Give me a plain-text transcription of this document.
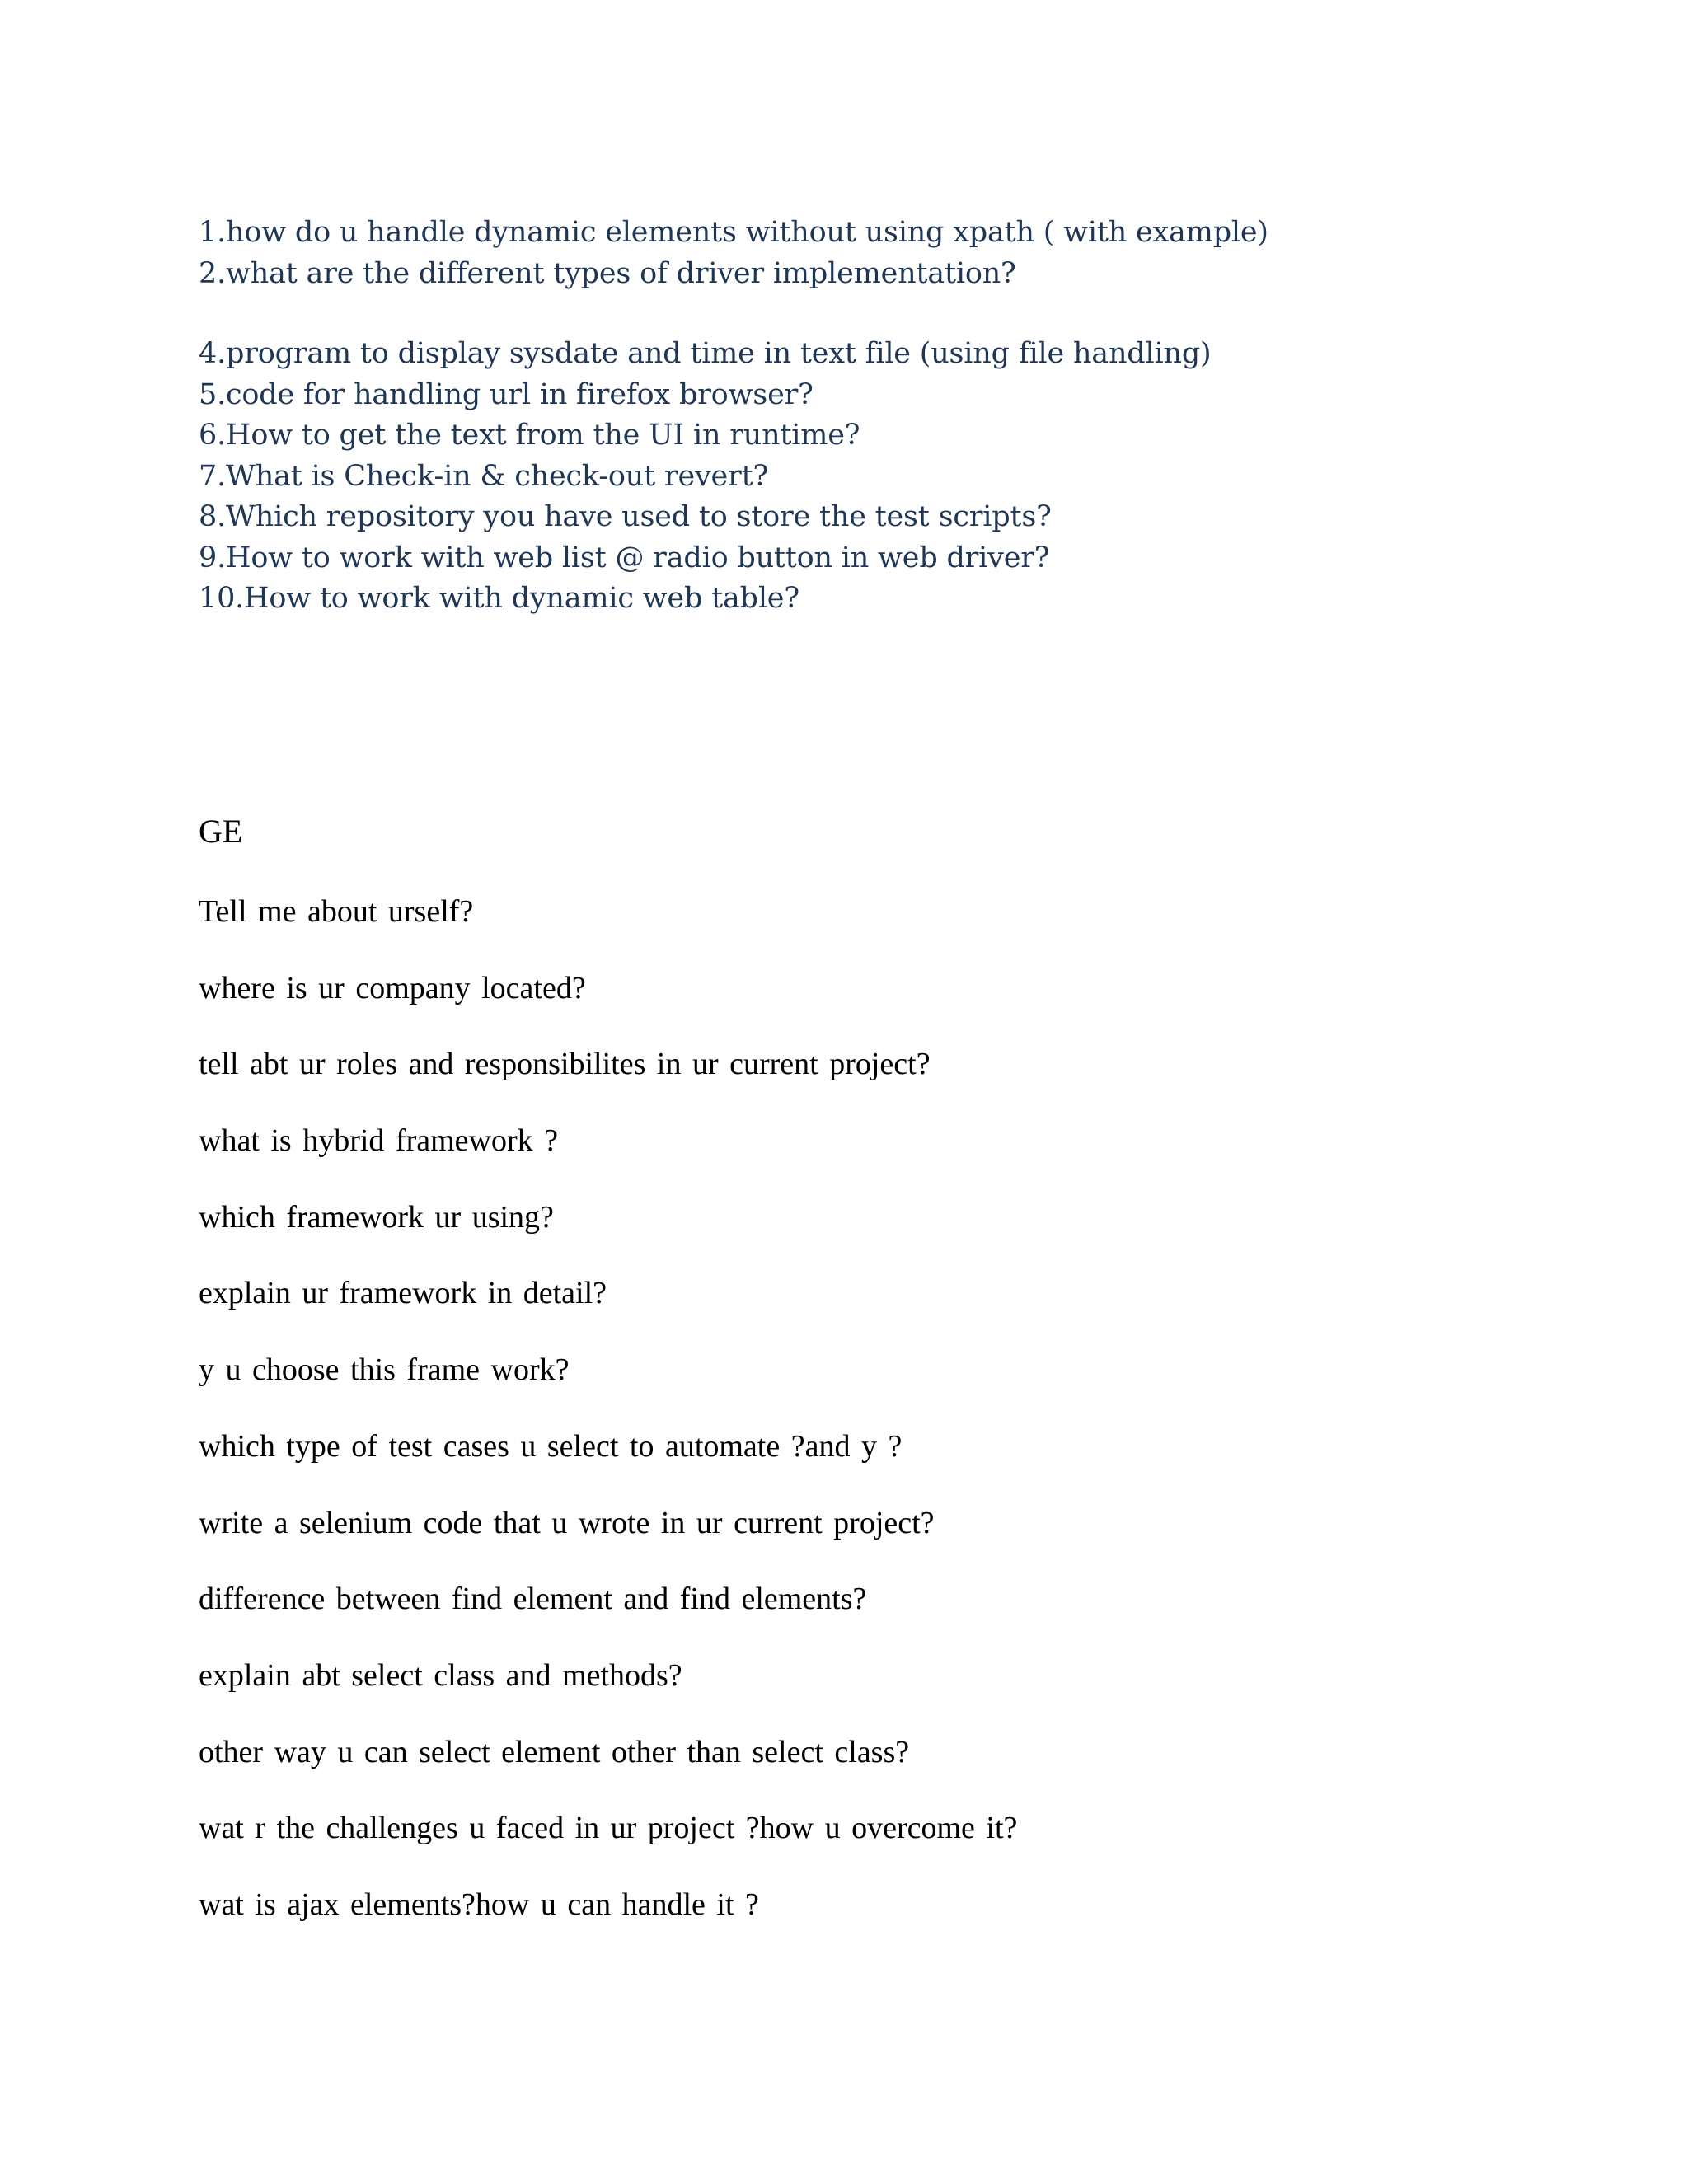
1.how do u handle dynamic elements without using xpath ( with example)
2.what are the different types of driver implementation?
4.program to display sysdate and time in text file (using file handling)
5.code for handling url in firefox browser?
6.How to get the text from the UI in runtime?
7.What is Check-in & check-out revert?
8.Which repository you have used to store the test scripts?
9.How to work with web list @ radio button in web driver?
10.How to work with dynamic web table?
GE
Tell me about urself?
where is ur company located?
tell abt ur roles and responsibilites in ur current project?
what is hybrid framework ?
which framework ur using?
explain ur framework in detail?
y u choose this frame work?
which type of test cases u select to automate ?and y ?
write a selenium code that u wrote in ur current project?
difference between find element and find elements?
explain abt select class and methods?
other way u can select element other than select class?
wat r the challenges u faced in ur project ?how u overcome it?
wat is ajax elements?how u can handle it ?
